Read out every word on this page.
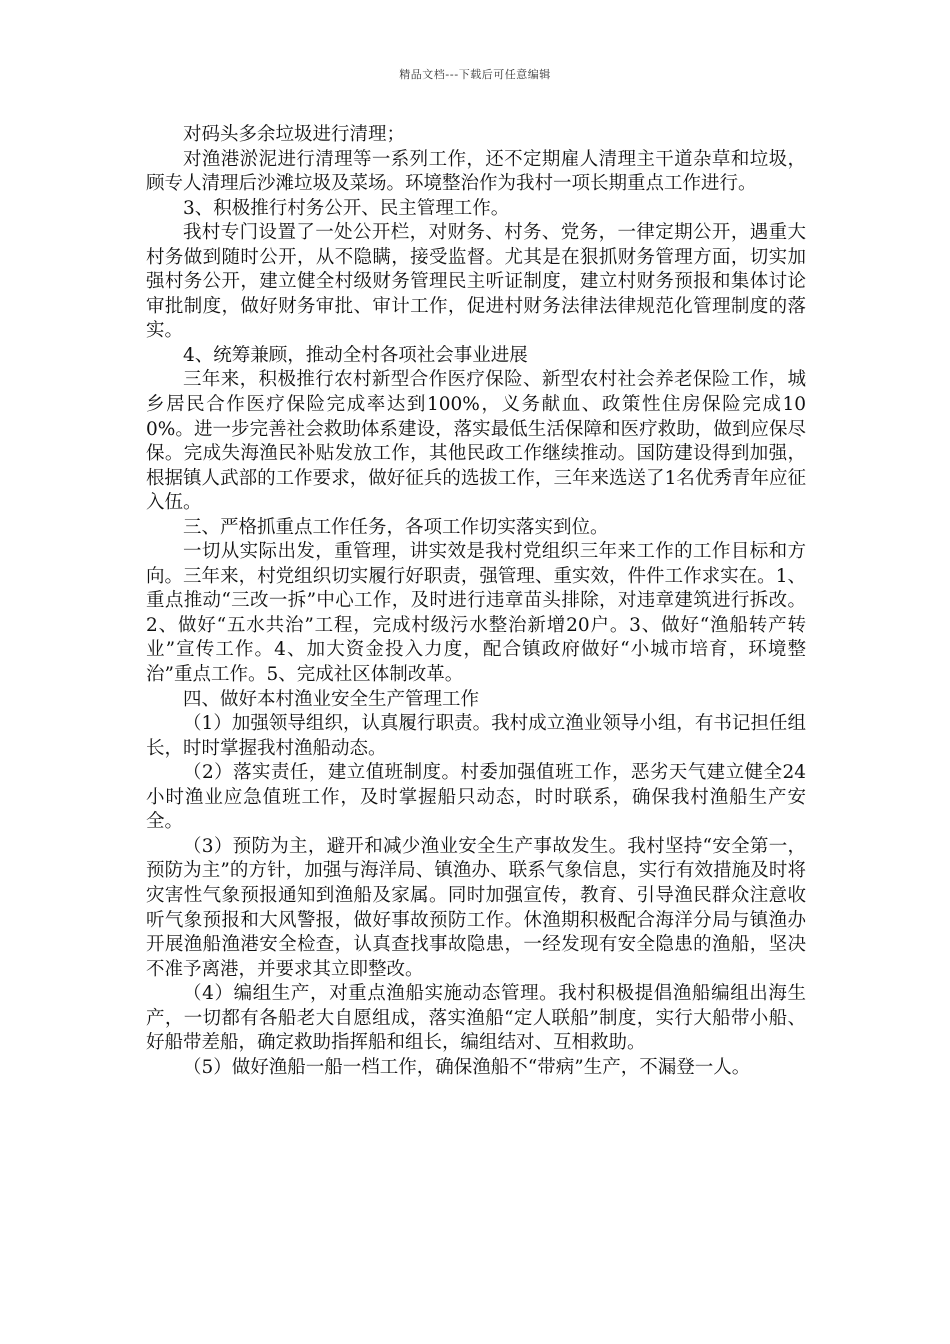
精品文档---下载后可任意编辑

对码头多余垃圾进行清理；

对渔港淤泥进行清理等一系列工作，还不定期雇人清理主干道杂草和垃圾，顾专人清理后沙滩垃圾及菜场。环境整治作为我村一项长期重点工作进行。

3、积极推行村务公开、民主管理工作。

我村专门设置了一处公开栏，对财务、村务、党务，一律定期公开，遇重大村务做到随时公开，从不隐瞒，接受监督。尤其是在狠抓财务管理方面，切实加强村务公开，建立健全村级财务管理民主听证制度，建立村财务预报和集体讨论审批制度，做好财务审批、审计工作，促进村财务法律法律规范化管理制度的落实。

4、统筹兼顾，推动全村各项社会事业进展

三年来，积极推行农村新型合作医疗保险、新型农村社会养老保险工作，城乡居民合作医疗保险完成率达到100%，义务献血、政策性住房保险完成100%。进一步完善社会救助体系建设，落实最低生活保障和医疗救助，做到应保尽保。完成失海渔民补贴发放工作，其他民政工作继续推动。国防建设得到加强，根据镇人武部的工作要求，做好征兵的选拔工作，三年来选送了1名优秀青年应征入伍。

三、严格抓重点工作任务，各项工作切实落实到位。

一切从实际出发，重管理，讲实效是我村党组织三年来工作的工作目标和方向。三年来，村党组织切实履行好职责，强管理、重实效，件件工作求实在。1、重点推动“三改一拆”中心工作，及时进行违章苗头排除，对违章建筑进行拆改。2、做好“五水共治”工程，完成村级污水整治新增20户。3、做好“渔船转产转业”宣传工作。4、加大资金投入力度，配合镇政府做好“小城市培育，环境整治”重点工作。5、完成社区体制改革。

四、做好本村渔业安全生产管理工作

（1）加强领导组织，认真履行职责。我村成立渔业领导小组，有书记担任组长，时时掌握我村渔船动态。

（2）落实责任，建立值班制度。村委加强值班工作，恶劣天气建立健全24小时渔业应急值班工作，及时掌握船只动态，时时联系，确保我村渔船生产安全。

（3）预防为主，避开和减少渔业安全生产事故发生。我村坚持“安全第一，预防为主”的方针，加强与海洋局、镇渔办、联系气象信息，实行有效措施及时将灾害性气象预报通知到渔船及家属。同时加强宣传，教育、引导渔民群众注意收听气象预报和大风警报，做好事故预防工作。休渔期积极配合海洋分局与镇渔办开展渔船渔港安全检查，认真查找事故隐患，一经发现有安全隐患的渔船，坚决不准予离港，并要求其立即整改。

（4）编组生产，对重点渔船实施动态管理。我村积极提倡渔船编组出海生产，一切都有各船老大自愿组成，落实渔船“定人联船”制度，实行大船带小船、好船带差船，确定救助指挥船和组长，编组结对、互相救助。

（5）做好渔船一船一档工作，确保渔船不“带病”生产，不漏登一人。
